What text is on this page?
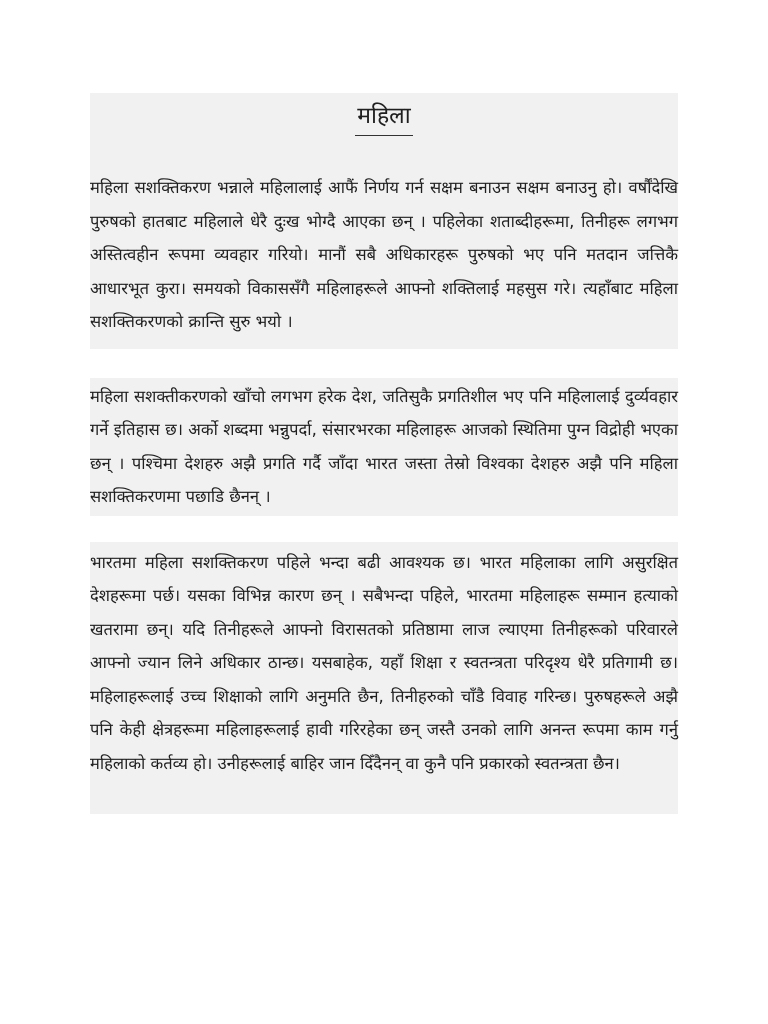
महिला

महिला सशक्तिकरण भन्नाले महिलालाई आफैं निर्णय गर्न सक्षम बनाउन सक्षम बनाउनु हो। वर्षौंदेखि पुरुषको हातबाट महिलाले धेरै दुःख भोग्दै आएका छन् । पहिलेका शताब्दीहरूमा, तिनीहरू लगभग अस्तित्वहीन रूपमा व्यवहार गरियो। मानौं सबै अधिकारहरू पुरुषको भए पनि मतदान जत्तिकै आधारभूत कुरा। समयको विकाससँगै महिलाहरूले आफ्नो शक्तिलाई महसुस गरे। त्यहाँबाट महिला सशक्तिकरणको क्रान्ति सुरु भयो ।

महिला सशक्तीकरणको खाँचो लगभग हरेक देश, जतिसुकै प्रगतिशील भए पनि महिलालाई दुर्व्यवहार गर्ने इतिहास छ। अर्को शब्दमा भन्नुपर्दा, संसारभरका महिलाहरू आजको स्थितिमा पुग्न विद्रोही भएका छन् । पश्चिमा देशहरु अझै प्रगति गर्दै जाँदा भारत जस्ता तेस्रो विश्वका देशहरु अझै पनि महिला सशक्तिकरणमा पछाडि छैनन् ।

भारतमा महिला सशक्तिकरण पहिले भन्दा बढी आवश्यक छ। भारत महिलाका लागि असुरक्षित देशहरूमा पर्छ। यसका विभिन्न कारण छन् । सबैभन्दा पहिले, भारतमा महिलाहरू सम्मान हत्याको खतरामा छन्। यदि तिनीहरूले आफ्नो विरासतको प्रतिष्ठामा लाज ल्याएमा तिनीहरूको परिवारले आफ्नो ज्यान लिने अधिकार ठान्छ। यसबाहेक, यहाँ शिक्षा र स्वतन्त्रता परिदृश्य धेरै प्रतिगामी छ। महिलाहरूलाई उच्च शिक्षाको लागि अनुमति छैन, तिनीहरुको चाँडै विवाह गरिन्छ। पुरुषहरूले अझै पनि केही क्षेत्रहरूमा महिलाहरूलाई हावी गरिरहेका छन् जस्तै उनको लागि अनन्त रूपमा काम गर्नु महिलाको कर्तव्य हो। उनीहरूलाई बाहिर जान दिँदैनन् वा कुनै पनि प्रकारको स्वतन्त्रता छैन।
